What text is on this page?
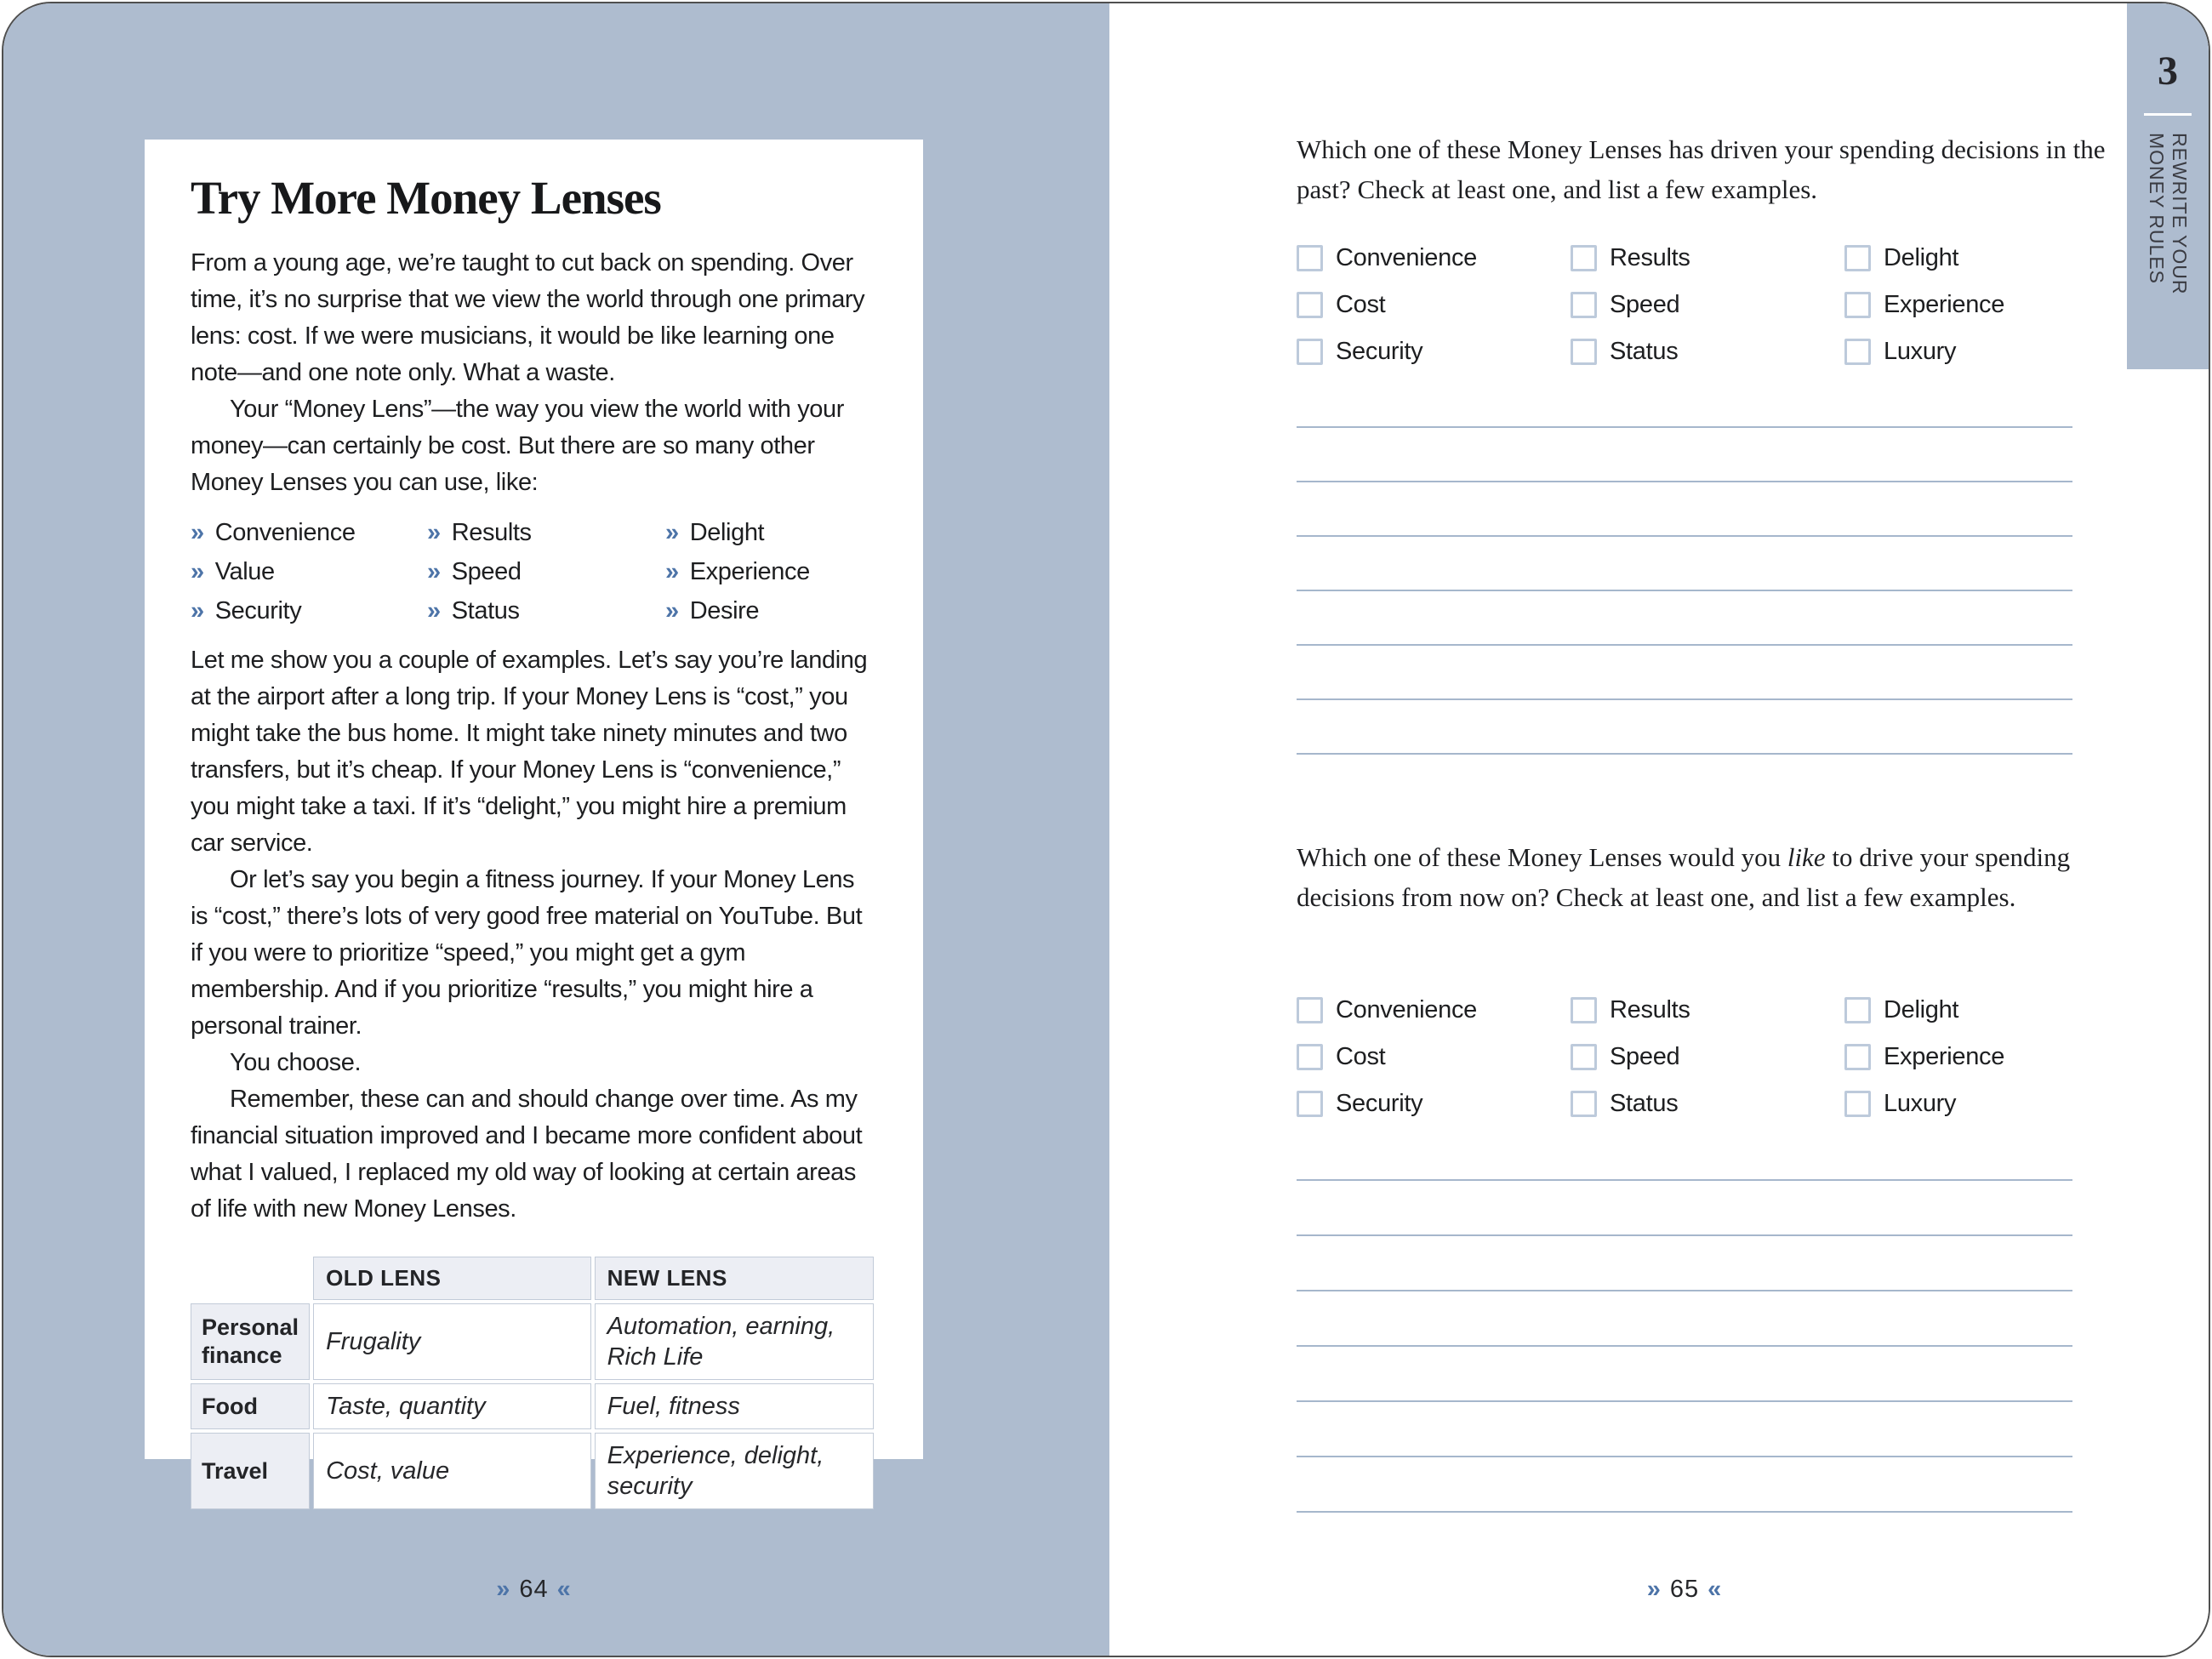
Try More Money Lenses

From a young age, we’re taught to cut back on spending. Over time, it’s no surprise that we view the world through one primary lens: cost. If we were musicians, it would be like learning one note—and one note only. What a waste.

Your “Money Lens”—the way you view the world with your money—can certainly be cost. But there are so many other Money Lenses you can use, like:

» Convenience	» Results	» Delight
» Value	» Speed	» Experience
» Security	» Status	» Desire

Let me show you a couple of examples. Let’s say you’re landing at the airport after a long trip. If your Money Lens is “cost,” you might take the bus home. It might take ninety minutes and two transfers, but it’s cheap. If your Money Lens is “convenience,” you might take a taxi. If it’s “delight,” you might hire a premium car service.

Or let’s say you begin a fitness journey. If your Money Lens is “cost,” there’s lots of very good free material on YouTube. But if you were to prioritize “speed,” you might get a gym membership. And if you prioritize “results,” you might hire a personal trainer.

You choose.

Remember, these can and should change over time. As my financial situation improved and I became more confident about what I valued, I replaced my old way of looking at certain areas of life with new Money Lenses.

	OLD LENS	NEW LENS
Personal finance	Frugality	Automation, earning, Rich Life
Food	Taste, quantity	Fuel, fitness
Travel	Cost, value	Experience, delight, security
» 64 «
Which one of these Money Lenses has driven your spending decisions in the past? Check at least one, and list a few examples.
Convenience	Results	Delight
Cost	Speed	Experience
Security	Status	Luxury
Which one of these Money Lenses would you like to drive your spending decisions from now on? Check at least one, and list a few examples.
Convenience	Results	Delight
Cost	Speed	Experience
Security	Status	Luxury
» 65 «
3
REWRITE YOUR MONEY RULES
